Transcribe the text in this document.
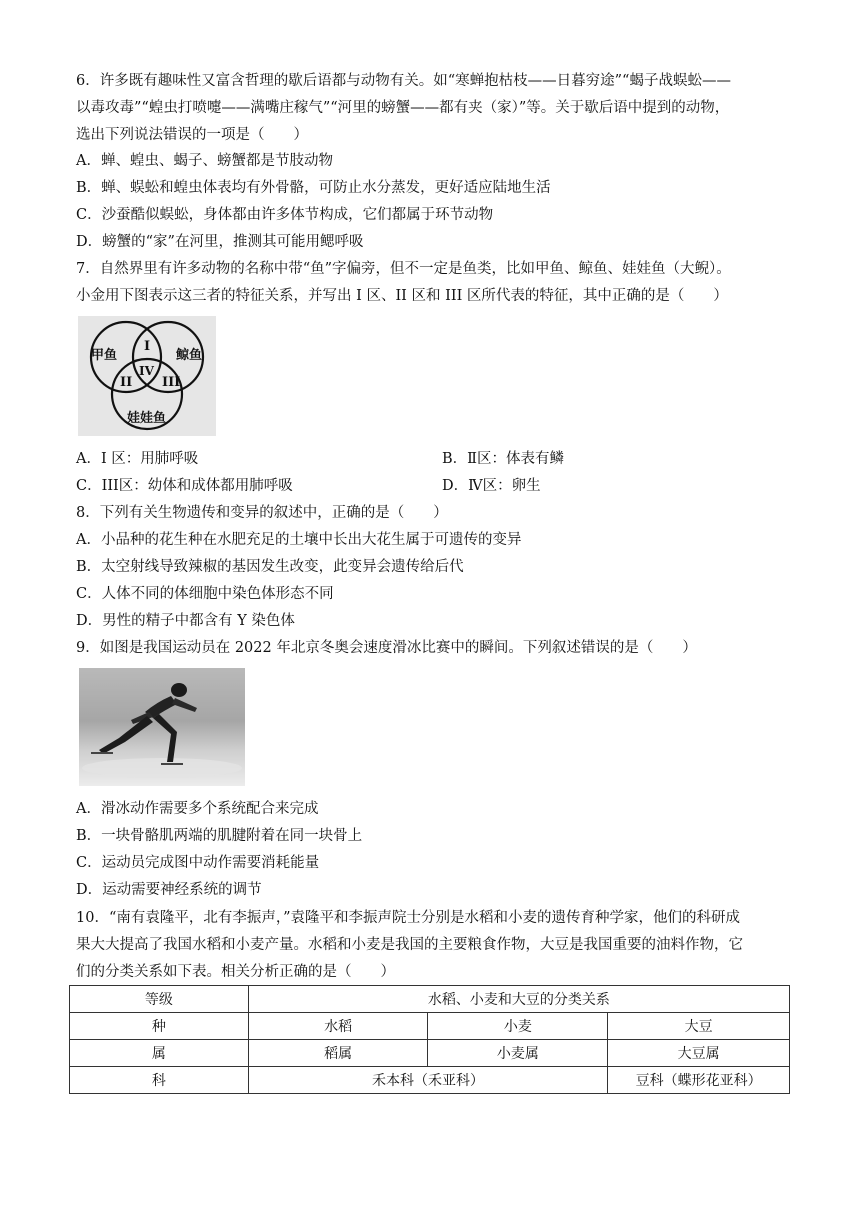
6．许多既有趣味性又富含哲理的歇后语都与动物有关。如“寒蝉抱枯枝——日暮穷途”“蝎子战蜈蚣——
以毒攻毒”“蝗虫打喷嚏——满嘴庄稼气”“河里的螃蟹——都有夹（家）”等。关于歇后语中提到的动物，
选出下列说法错误的一项是（　　）
A．蝉、蝗虫、蝎子、螃蟹都是节肢动物
B．蝉、蜈蚣和蝗虫体表均有外骨骼，可防止水分蒸发，更好适应陆地生活
C．沙蚕酷似蜈蚣，身体都由许多体节构成，它们都属于环节动物
D．螃蟹的“家”在河里，推测其可能用鳃呼吸
7．自然界里有许多动物的名称中带“鱼”字偏旁，但不一定是鱼类，比如甲鱼、鲸鱼、娃娃鱼（大鲵）。
小金用下图表示这三者的特征关系，并写出 I 区、II 区和 III 区所代表的特征，其中正确的是（　　）
甲鱼	鲸鱼
娃娃鱼
I
II III
IV
A．I 区：用肺呼吸	B．Ⅱ区：体表有鳞
C．III区：幼体和成体都用肺呼吸	D．Ⅳ区：卵生
8．下列有关生物遗传和变异的叙述中，正确的是（　　）
A．小品种的花生种在水肥充足的土壤中长出大花生属于可遗传的变异
B．太空射线导致辣椒的基因发生改变，此变异会遗传给后代
C．人体不同的体细胞中染色体形态不同
D．男性的精子中都含有 Y 染色体
9．如图是我国运动员在 2022 年北京冬奥会速度滑冰比赛中的瞬间。下列叙述错误的是（　　）
A．滑冰动作需要多个系统配合来完成
B．一块骨骼肌两端的肌腱附着在同一块骨上
C．运动员完成图中动作需要消耗能量
D．运动需要神经系统的调节
10．“南有袁隆平，北有李振声，”袁隆平和李振声院士分别是水稻和小麦的遗传育种学家，他们的科研成
果大大提高了我国水稻和小麦产量。水稻和小麦是我国的主要粮食作物，大豆是我国重要的油料作物，它
们的分类关系如下表。相关分析正确的是（　　）
等级	水稻、小麦和大豆的分类关系		
种	水稻	小麦	大豆
属	稻属	小麦属	大豆属
科	禾本科（禾亚科）		豆科（蝶形花亚科）
